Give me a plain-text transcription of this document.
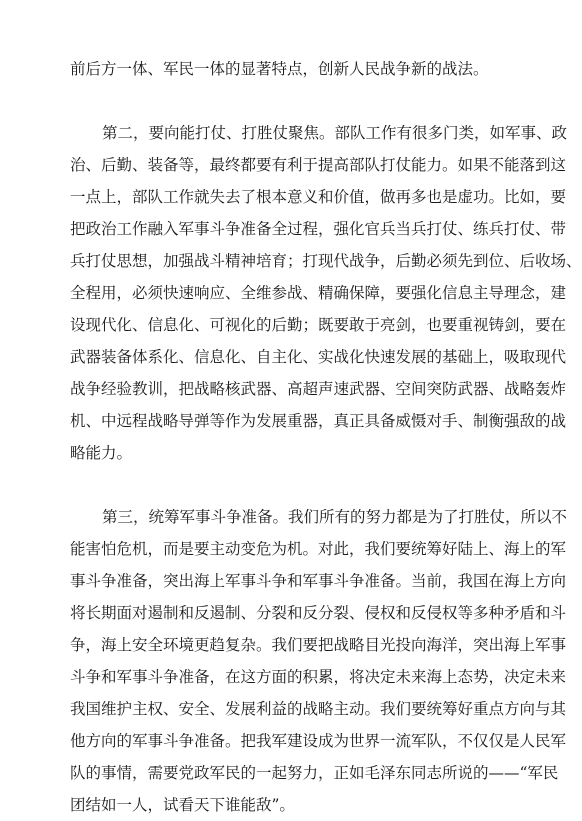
前后方一体、军民一体的显著特点，创新人民战争新的战法。
第二，要向能打仗、打胜仗聚焦。部队工作有很多门类，如军事、政
治、后勤、装备等，最终都要有利于提高部队打仗能力。如果不能落到这
一点上，部队工作就失去了根本意义和价值，做再多也是虚功。比如，要
把政治工作融入军事斗争准备全过程，强化官兵当兵打仗、练兵打仗、带
兵打仗思想，加强战斗精神培育；打现代战争，后勤必须先到位、后收场、
全程用，必须快速响应、全维参战、精确保障，要强化信息主导理念，建
设现代化、信息化、可视化的后勤；既要敢于亮剑，也要重视铸剑，要在
武器装备体系化、信息化、自主化、实战化快速发展的基础上，吸取现代
战争经验教训，把战略核武器、高超声速武器、空间突防武器、战略轰炸
机、中远程战略导弹等作为发展重器，真正具备威慑对手、制衡强敌的战
略能力。
第三，统筹军事斗争准备。我们所有的努力都是为了打胜仗，所以不
能害怕危机，而是要主动变危为机。对此，我们要统筹好陆上、海上的军
事斗争准备，突出海上军事斗争和军事斗争准备。当前，我国在海上方向
将长期面对遏制和反遏制、分裂和反分裂、侵权和反侵权等多种矛盾和斗
争，海上安全环境更趋复杂。我们要把战略目光投向海洋，突出海上军事
斗争和军事斗争准备，在这方面的积累，将决定未来海上态势，决定未来
我国维护主权、安全、发展利益的战略主动。我们要统筹好重点方向与其
他方向的军事斗争准备。把我军建设成为世界一流军队，不仅仅是人民军
队的事情，需要党政军民的一起努力，正如毛泽东同志所说的——“军民
团结如一人，试看天下谁能敌”。
